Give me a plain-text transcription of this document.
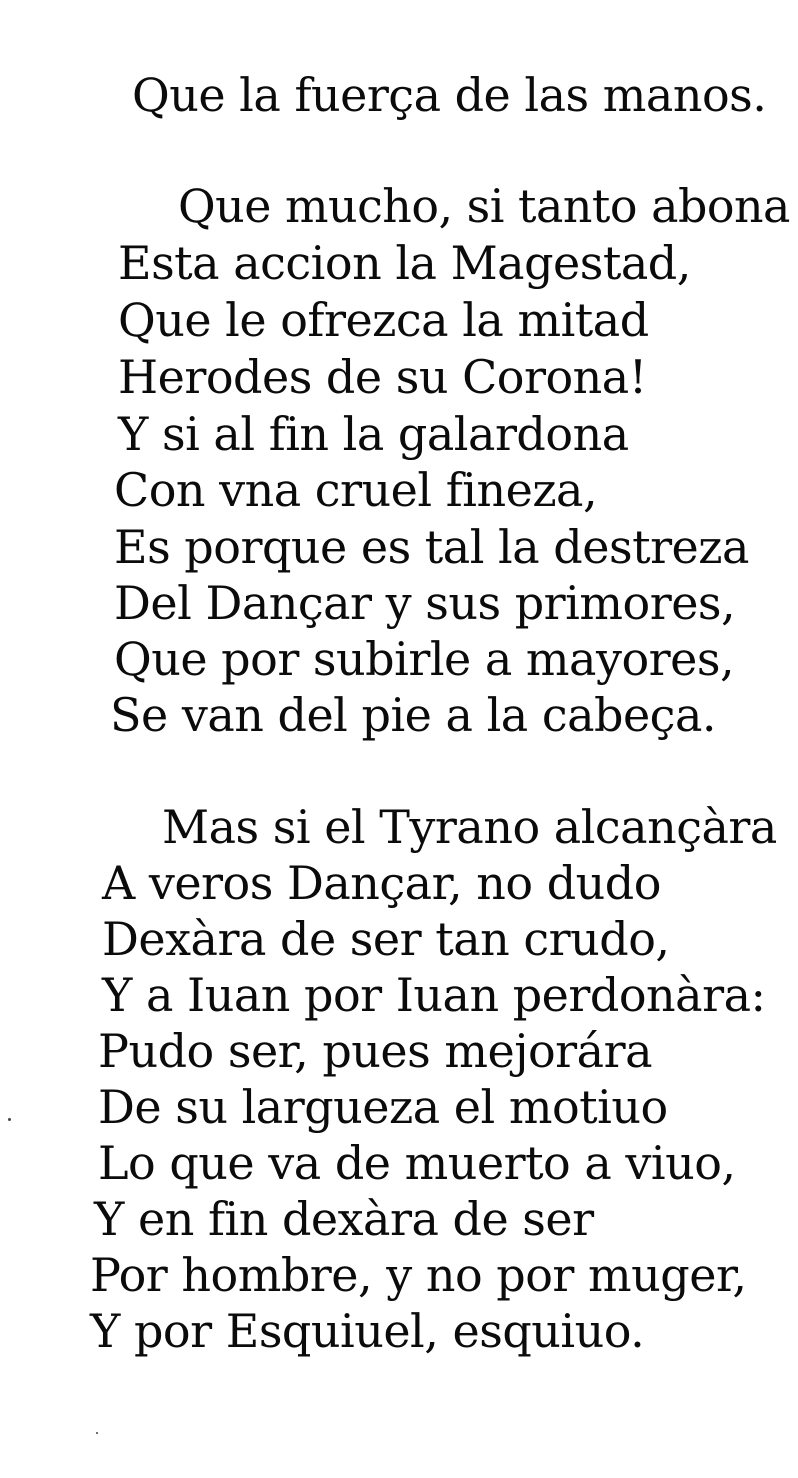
Que la fuerça de las manos.
Que mucho, si tanto abona
Esta accion la Magestad,
Que le ofrezca la mitad
Herodes de su Corona!
Y si al fin la galardona
Con vna cruel fineza,
Es porque es tal la destreza
Del Dançar y sus primores,
Que por subirle a mayores,
Se van del pie a la cabeça.
Mas si el Tyrano alcançàra
A veros Dançar, no dudo
Dexàra de ser tan crudo,
Y a Iuan por Iuan perdonàra:
Pudo ser, pues mejorára
De su largueza el motiuo
Lo que va de muerto a viuo,
Y en fin dexàra de ser
Por hombre, y no por muger,
Y por Esquiuel, esquiuo.
